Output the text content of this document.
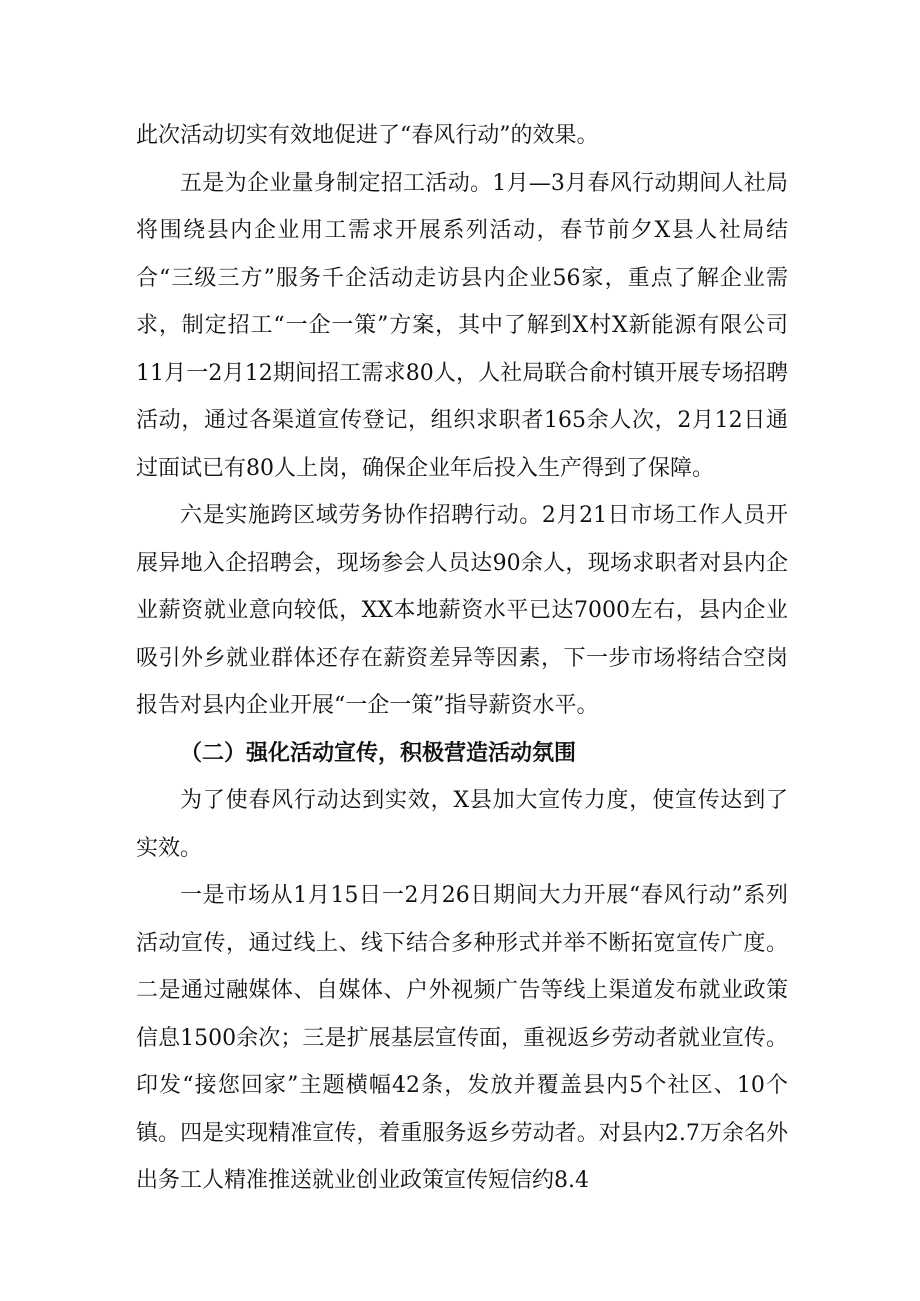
此次活动切实有效地促进了“春风行动”的效果。

五是为企业量身制定招工活动。1月—3月春风行动期间人社局将围绕县内企业用工需求开展系列活动，春节前夕X县人社局结合“三级三方”服务千企活动走访县内企业56家，重点了解企业需求，制定招工“一企一策”方案，其中了解到X村X新能源有限公司11月一2月12期间招工需求80人，人社局联合俞村镇开展专场招聘活动，通过各渠道宣传登记，组织求职者165余人次，2月12日通过面试已有80人上岗，确保企业年后投入生产得到了保障。

六是实施跨区域劳务协作招聘行动。2月21日市场工作人员开展异地入企招聘会，现场参会人员达90余人，现场求职者对县内企业薪资就业意向较低，XX本地薪资水平已达7000左右，县内企业吸引外乡就业群体还存在薪资差异等因素，下一步市场将结合空岗报告对县内企业开展“一企一策”指导薪资水平。

（二）强化活动宣传，积极营造活动氛围

为了使春风行动达到实效，X县加大宣传力度，使宣传达到了实效。

一是市场从1月15日一2月26日期间大力开展“春风行动”系列活动宣传，通过线上、线下结合多种形式并举不断拓宽宣传广度。二是通过融媒体、自媒体、户外视频广告等线上渠道发布就业政策信息1500余次；三是扩展基层宣传面，重视返乡劳动者就业宣传。印发“接您回家”主题横幅42条，发放并覆盖县内5个社区、10个镇。四是实现精准宣传，着重服务返乡劳动者。对县内2.7万余名外出务工人精准推送就业创业政策宣传短信约8.4
